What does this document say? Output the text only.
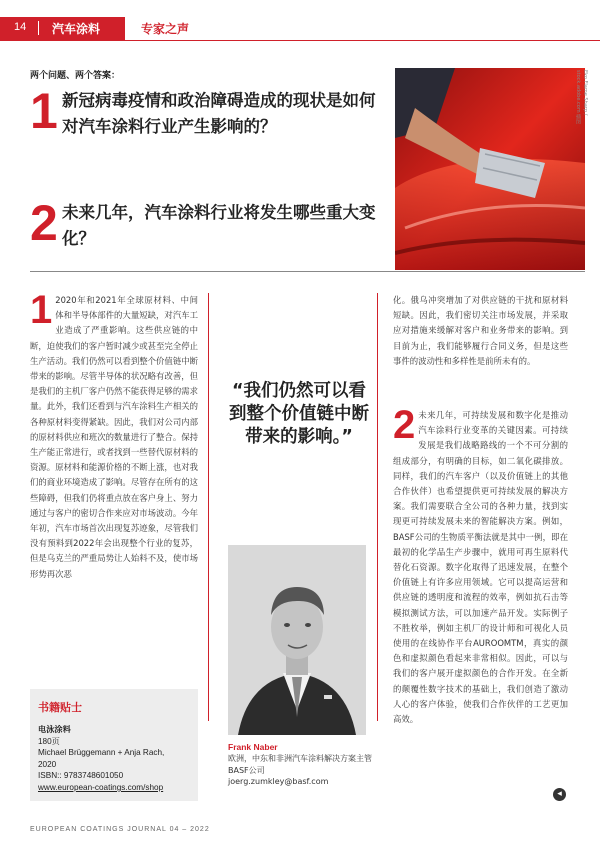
14 汽车涂料	专家之声
两个问题、两个答案：
1 新冠病毒疫情和政治障碍造成的现状是如何对汽车涂料行业产生影响的？
2 未来几年，汽车涂料行业将发生哪些重大变化？
Eko Flame Sharp / stock.adobe.com 插图
1 2020年和2021年全球原材料、中间体和半导体部件的大量短缺，对汽车工业造成了严重影响。这些供应链的中断，迫使我们的客户暂时减少或甚至完全停止生产活动。我们仍然可以看到整个价值链中断带来的影响。尽管半导体的状况略有改善，但是我们的主机厂客户仍然不能获得足够的需求量。此外，我们还看到与汽车涂料生产相关的各种原材料变得紧缺。因此，我们对公司内部的原材料供应和班次的数量进行了整合。保持生产能正常进行，或者找到一些替代原材料的资源。原材料和能源价格的不断上涨，也对我们的商业环境造成了影响。尽管存在所有的这些障碍，但我们仍将重点放在客户身上、努力通过与客户的密切合作来应对市场波动。今年年初，汽车市场首次出现复苏迹象，尽管我们没有预料到2022年会出现整个行业的复苏，但是乌克兰的严重局势让人始料不及，使市场形势再次恶
“我们仍然可以看到整个价值链中断带来的影响。”
Frank Naber
欧洲，中东和非洲汽车涂料解决方案主管
BASF公司
joerg.zumkley@basf.com
化。俄乌冲突增加了对供应链的干扰和原材料短缺。因此，我们密切关注市场发展，并采取应对措施来缓解对客户和业务带来的影响。到目前为止，我们能够履行合同义务，但是这些事件的波动性和多样性是前所未有的。
2 未来几年，可持续发展和数字化是推动汽车涂料行业变革的关键因素。可持续发展是我们战略路线的一个不可分割的组成部分，有明确的目标，如二氧化碳排放。同样，我们的汽车客户（以及价值链上的其他合作伙伴）也希望提供更可持续发展的解决方案。我们需要联合全公司的各种力量，找到实现更可持续发展未来的智能解决方案。例如，BASF公司的生物质平衡法就是其中一例，即在最初的化学品生产步骤中，就用可再生原料代替化石资源。数字化取得了迅速发展，在整个价值链上有许多应用领域。它可以提高运营和供应链的透明度和流程的效率，例如抗石击等模拟测试方法，可以加速产品开发。实际例子不胜枚举，例如主机厂的设计师和可视化人员使用的在线协作平台AUROOMTM，真实的颜色和虚拟颜色看起来非常相似。因此，可以与我们的客户展开虚拟颜色的合作开发。在全新的颠覆性数字技术的基础上，我们创造了激动人心的客户体验，使我们合作伙伴的工艺更加高效。
◂
书籍贴士
电泳涂料
180页
Michael Brüggemann + Anja Rach,
2020
ISBN:: 9783748601050
www.european-coatings.com/shop
EUROPEAN COATINGS JOURNAL 04 – 2022
